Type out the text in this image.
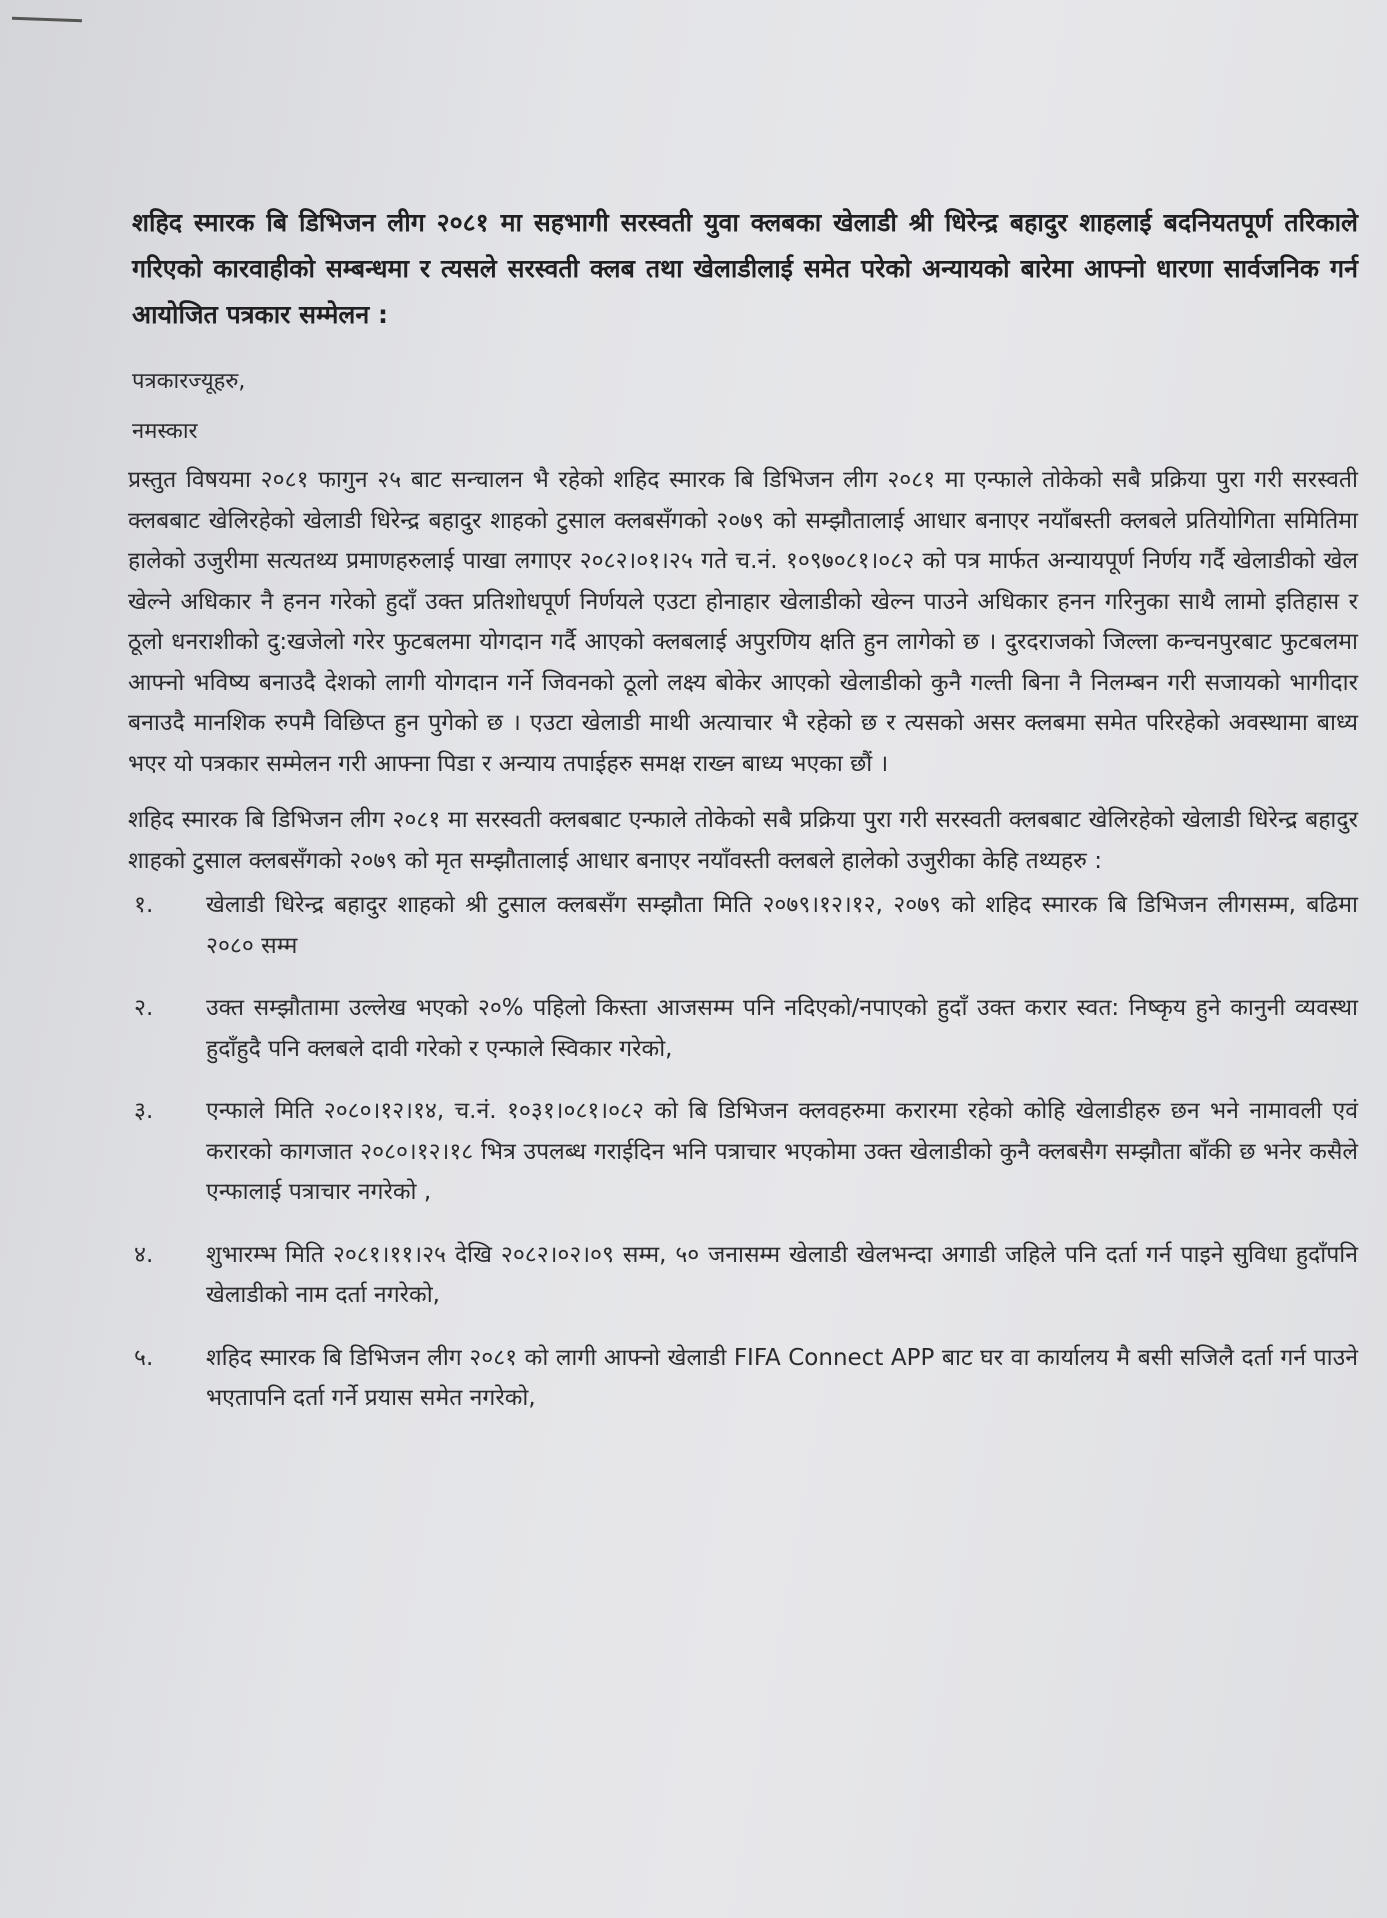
शहिद स्मारक बि डिभिजन लीग २०८१ मा सहभागी सरस्वती युवा क्लबका खेलाडी श्री धिरेन्द्र बहादुर शाहलाई बदनियतपूर्ण तरिकाले गरिएको कारवाहीको सम्बन्धमा र त्यसले सरस्वती क्लब तथा खेलाडीलाई समेत परेको अन्यायको बारेमा आफ्नो धारणा सार्वजनिक गर्न आयोजित पत्रकार सम्मेलन :
पत्रकारज्यूहरु,
नमस्कार
प्रस्तुत विषयमा २०८१ फागुन २५ बाट सन्चालन भै रहेको शहिद स्मारक बि डिभिजन लीग २०८१ मा एन्फाले तोकेको सबै प्रक्रिया पुरा गरी सरस्वती क्लबबाट खेलिरहेको खेलाडी धिरेन्द्र बहादुर शाहको टुसाल क्लबसँगको २०७९ को सम्झौतालाई आधार बनाएर नयाँबस्ती क्लबले प्रतियोगिता समितिमा हालेको उजुरीमा सत्यतथ्य प्रमाणहरुलाई पाखा लगाएर २०८२।०१।२५ गते च.नं. १०९७०८१।०८२ को पत्र मार्फत अन्यायपूर्ण निर्णय गर्दै खेलाडीको खेल खेल्ने अधिकार नै हनन गरेको हुदाँ उक्त प्रतिशोधपूर्ण निर्णयले एउटा होनाहार खेलाडीको खेल्न पाउने अधिकार हनन गरिनुका साथै लामो इतिहास र ठूलो धनराशीको दु:खजेलो गरेर फुटबलमा योगदान गर्दै आएको क्लबलाई अपुरणिय क्षति हुन लागेको छ । दुरदराजको जिल्ला कन्चनपुरबाट फुटबलमा आफ्नो भविष्य बनाउदै देशको लागी योगदान गर्ने जिवनको ठूलो लक्ष्य बोकेर आएको खेलाडीको कुनै गल्ती बिना नै निलम्बन गरी सजायको भागीदार बनाउदै मानशिक रुपमै विछिप्त हुन पुगेको छ । एउटा खेलाडी माथी अत्याचार भै रहेको छ र त्यसको असर क्लबमा समेत परिरहेको अवस्थामा बाध्य भएर यो पत्रकार सम्मेलन गरी आफ्ना पिडा र अन्याय तपाईहरु समक्ष राख्न बाध्य भएका छौं ।
शहिद स्मारक बि डिभिजन लीग २०८१ मा सरस्वती क्लबबाट एन्फाले तोकेको सबै प्रक्रिया पुरा गरी सरस्वती क्लबबाट खेलिरहेको खेलाडी धिरेन्द्र बहादुर शाहको टुसाल क्लबसँगको २०७९ को मृत सम्झौतालाई आधार बनाएर नयाँवस्ती क्लबले हालेको उजुरीका केहि तथ्यहरु :
१.	खेलाडी धिरेन्द्र बहादुर शाहको श्री टुसाल क्लबसँग सम्झौता मिति २०७९।१२।१२, २०७९ को शहिद स्मारक बि डिभिजन लीगसम्म, बढिमा २०८० सम्म
२.	उक्त सम्झौतामा उल्लेख भएको २०% पहिलो किस्ता आजसम्म पनि नदिएको/नपाएको हुदाँ उक्त करार स्वत: निष्कृय हुने कानुनी व्यवस्था हुदाँहुदै पनि क्लबले दावी गरेको र एन्फाले स्विकार गरेको,
३.	एन्फाले मिति २०८०।१२।१४, च.नं. १०३१।०८१।०८२ को बि डिभिजन क्लवहरुमा करारमा रहेको कोहि खेलाडीहरु छन भने नामावली एवं करारको कागजात २०८०।१२।१८ भित्र उपलब्ध गराईदिन भनि पत्राचार भएकोमा उक्त खेलाडीको कुनै क्लबसैग सम्झौता बाँकी छ भनेर कसैले एन्फालाई पत्राचार नगरेको ,
४.	शुभारम्भ मिति २०८१।११।२५ देखि २०८२।०२।०९ सम्म, ५० जनासम्म खेलाडी खेलभन्दा अगाडी जहिले पनि दर्ता गर्न पाइने सुविधा हुदाँपनि खेलाडीको नाम दर्ता नगरेको,
५.	शहिद स्मारक बि डिभिजन लीग २०८१ को लागी आफ्नो खेलाडी FIFA Connect APP बाट घर वा कार्यालय मै बसी सजिलै दर्ता गर्न पाउने भएतापनि दर्ता गर्ने प्रयास समेत नगरेको,
